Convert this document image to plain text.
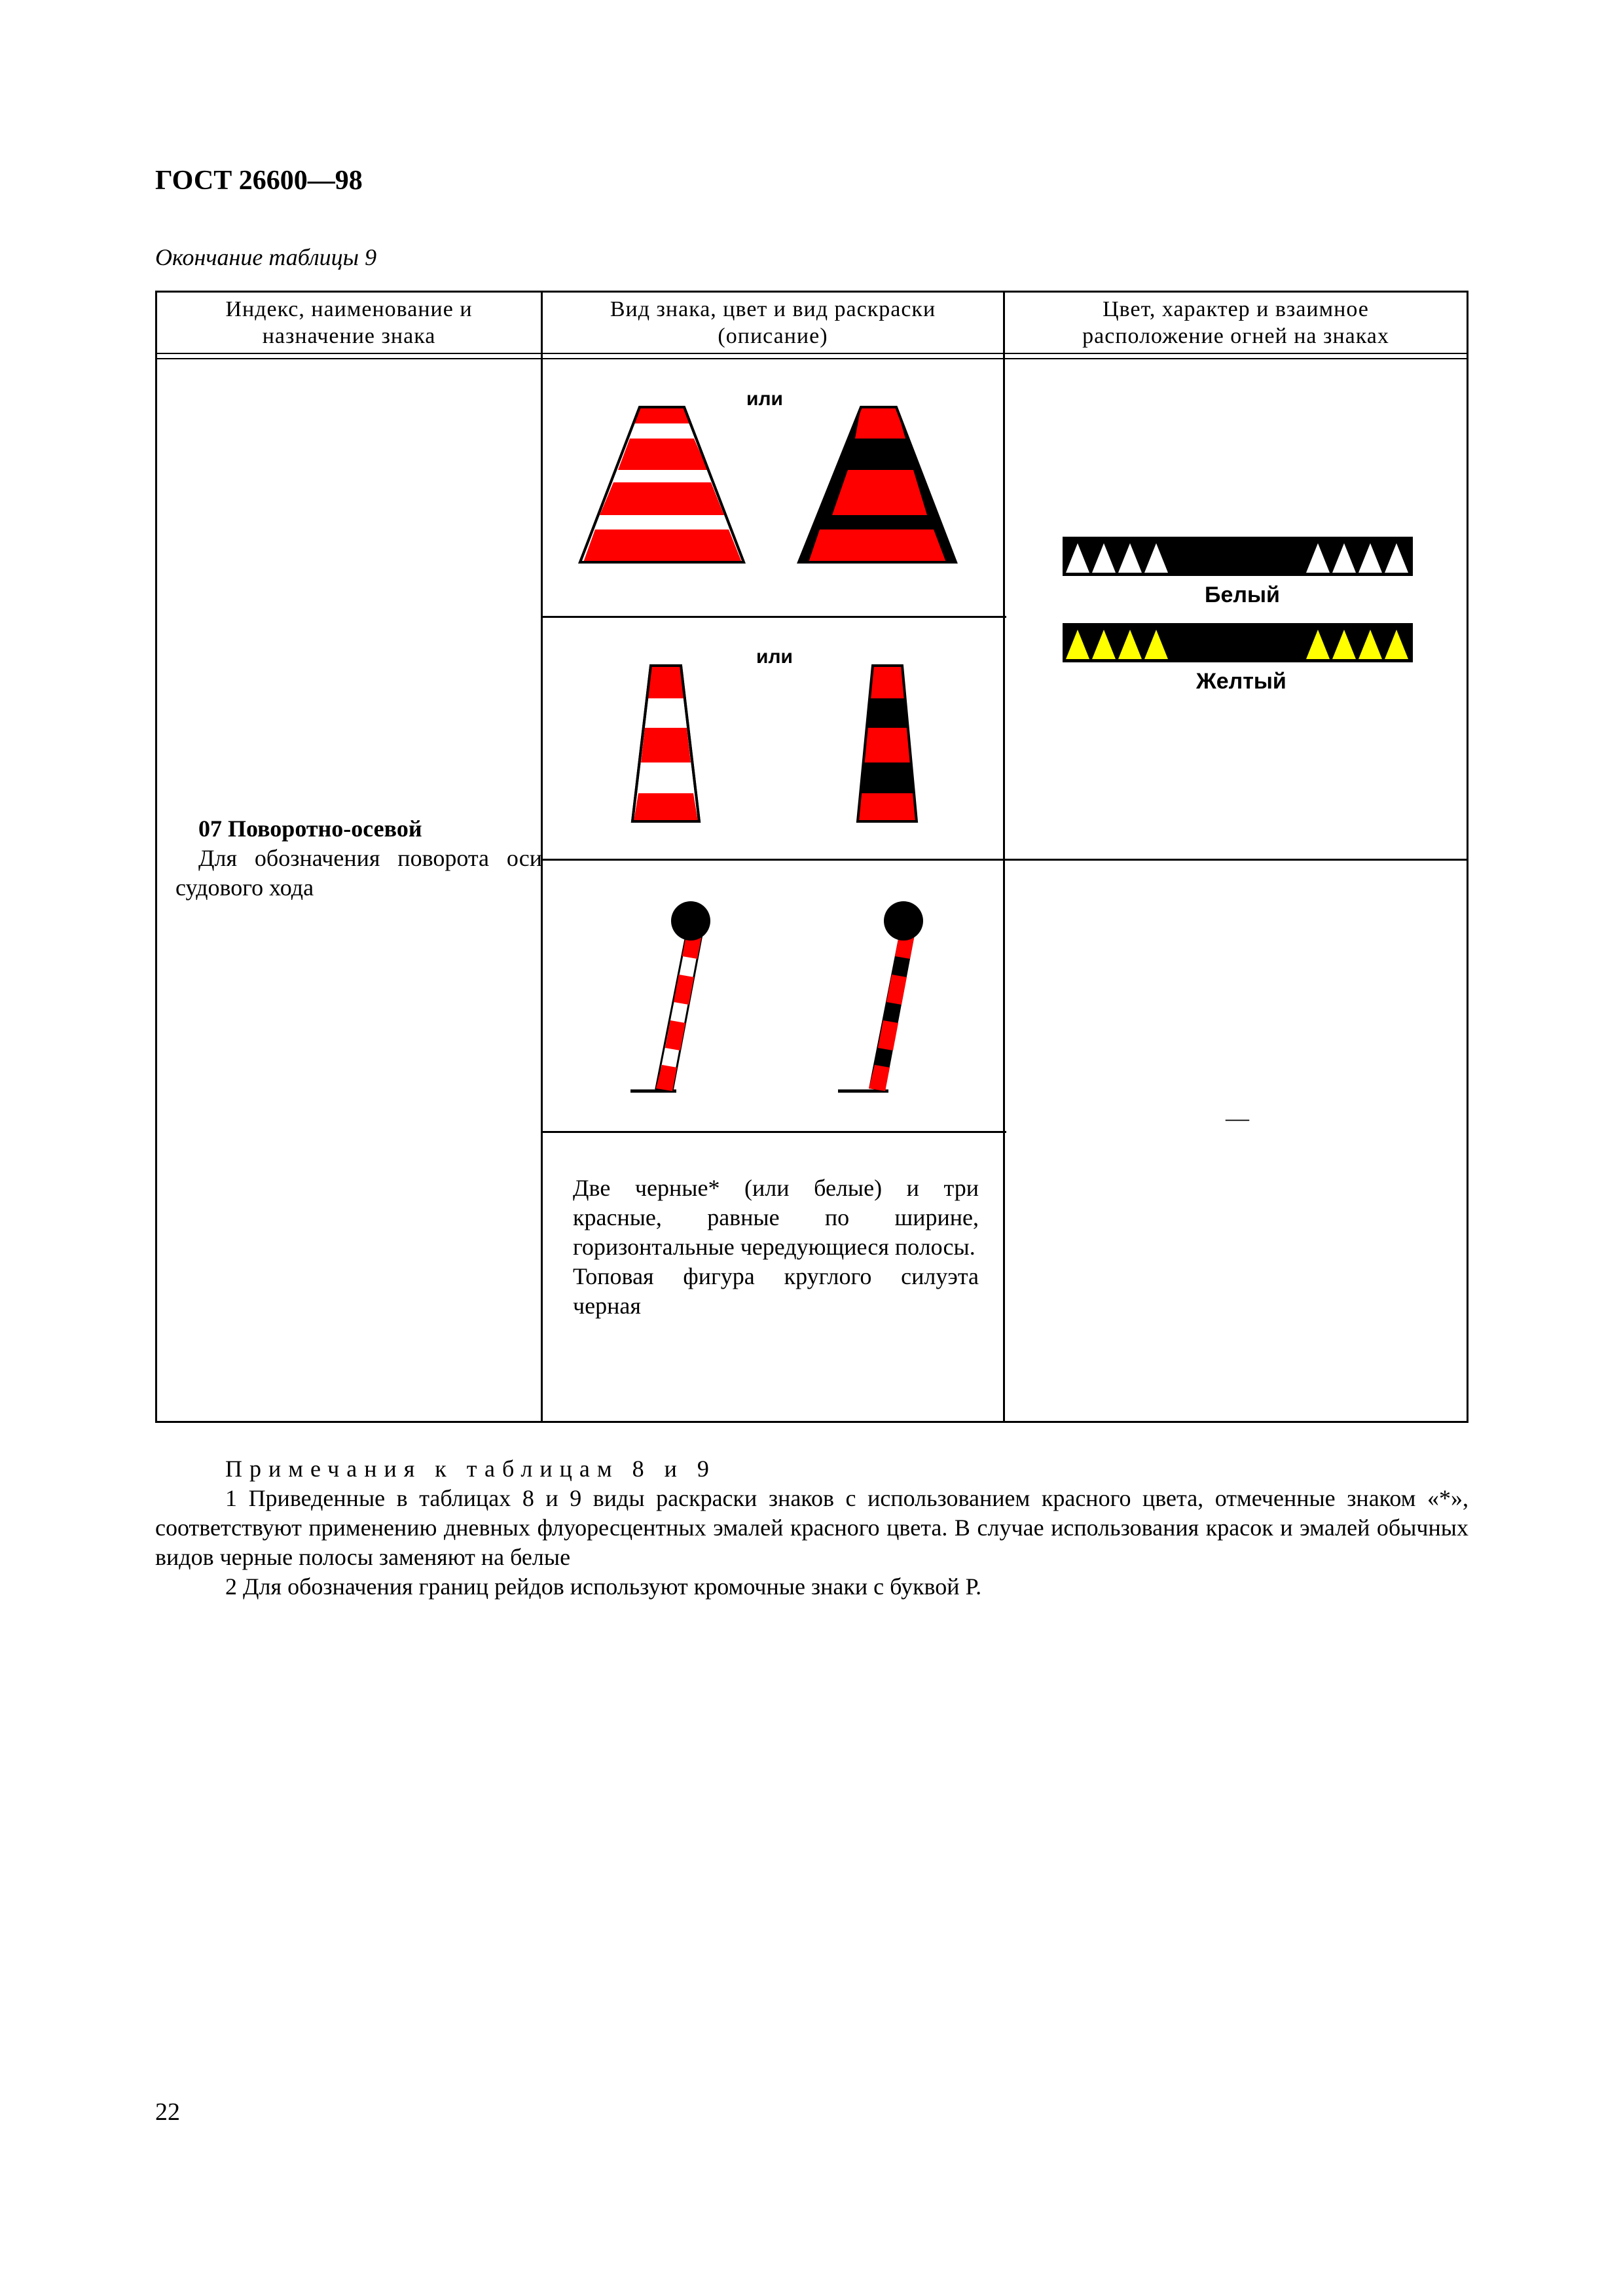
ГОСТ 26600—98
Окончание таблицы 9
Индекс, наименование и
назначение знака
Вид знака, цвет и вид раскраски
(описание)
Цвет, характер и взаимное
расположение огней на знаках
07 Поворотно-осевой
Для обозначения поворота оси судового хода
или
или

Две черные* (или белые) и три красные, равные по ширине, горизонтальные чередующиеся полосы.

Топовая фигура круглого силуэта черная

Белый
Желтый
—

Примечания к таблицам 8 и 9

1 Приведенные в таблицах 8 и 9 виды раскраски знаков с использованием красного цвета, отмеченные знаком «*», соответствуют применению дневных флуоресцентных эмалей красного цвета. В случае использования красок и эмалей обычных видов черные полосы заменяют на белые

2 Для обозначения границ рейдов используют кромочные знаки с буквой Р.

22
